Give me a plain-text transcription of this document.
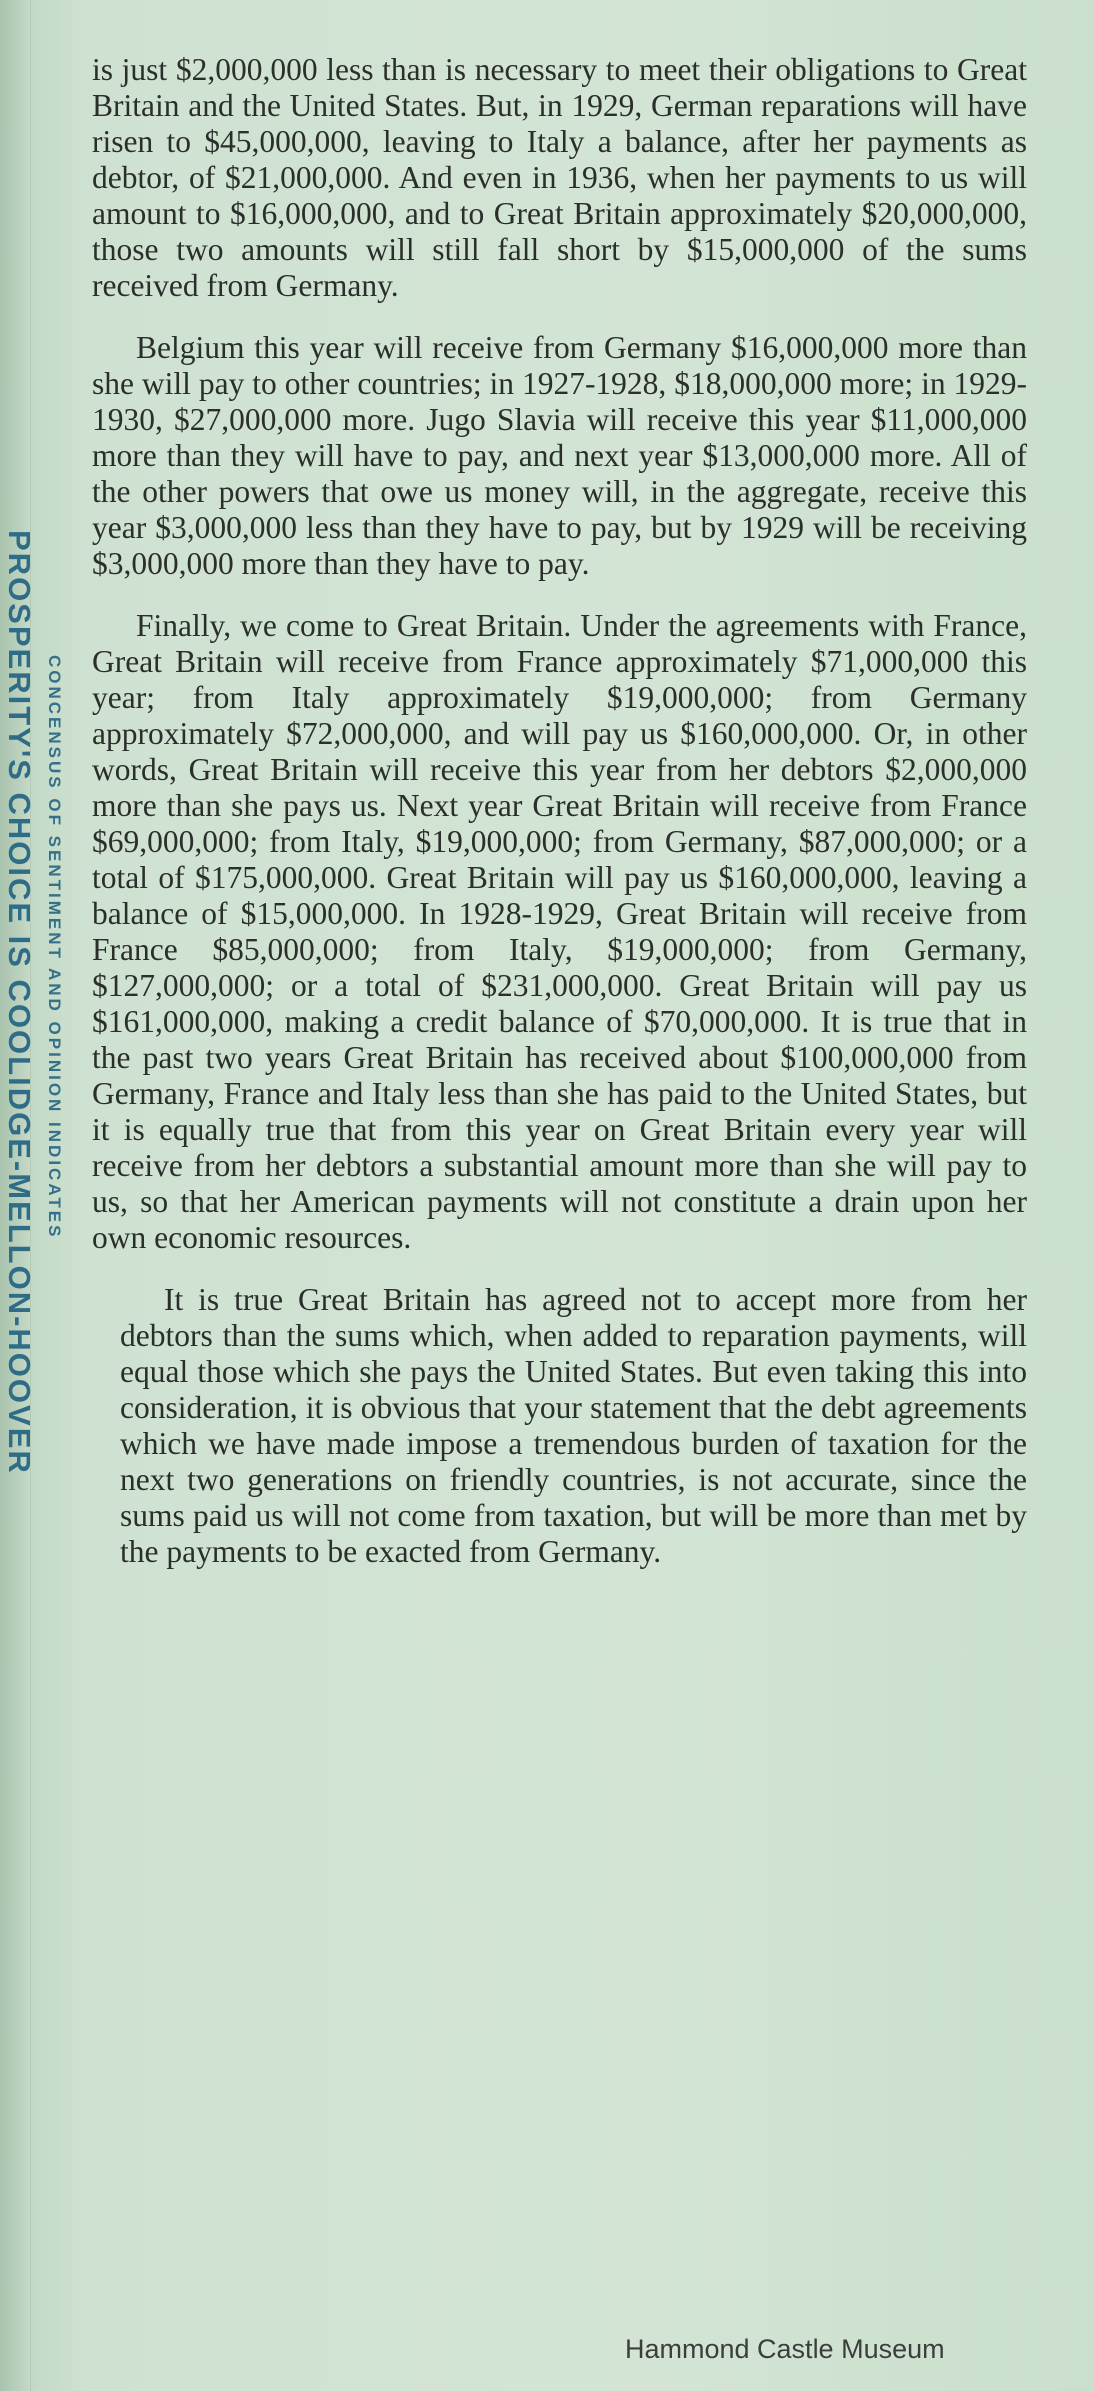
PROSPERITY'S CHOICE IS COOLIDGE-MELLON-HOOVER CONCENSUS OF SENTIMENT AND OPINION INDICATES

is just $2,000,000 less than is necessary to meet their obligations to Great Britain and the United States. But, in 1929, German reparations will have risen to $45,000,000, leaving to Italy a balance, after her payments as debtor, of $21,000,000. And even in 1936, when her payments to us will amount to $16,000,000, and to Great Britain approximately $20,000,000, those two amounts will still fall short by $15,000,000 of the sums received from Germany.

Belgium this year will receive from Germany $16,000,000 more than she will pay to other countries; in 1927-1928, $18,000,000 more; in 1929-1930, $27,000,000 more. Jugo Slavia will receive this year $11,000,000 more than they will have to pay, and next year $13,000,000 more. All of the other powers that owe us money will, in the aggregate, receive this year $3,000,000 less than they have to pay, but by 1929 will be receiving $3,000,000 more than they have to pay.

Finally, we come to Great Britain. Under the agreements with France, Great Britain will receive from France approximately $71,000,000 this year; from Italy approximately $19,000,000; from Germany approximately $72,000,000, and will pay us $160,000,000. Or, in other words, Great Britain will receive this year from her debtors $2,000,000 more than she pays us. Next year Great Britain will receive from France $69,000,000; from Italy, $19,000,000; from Germany, $87,000,000; or a total of $175,000,000. Great Britain will pay us $160,000,000, leaving a balance of $15,000,000. In 1928-1929, Great Britain will receive from France $85,000,000; from Italy, $19,000,000; from Germany, $127,000,000; or a total of $231,000,000. Great Britain will pay us $161,000,000, making a credit balance of $70,000,000. It is true that in the past two years Great Britain has received about $100,000,000 from Germany, France and Italy less than she has paid to the United States, but it is equally true that from this year on Great Britain every year will receive from her debtors a substantial amount more than she will pay to us, so that her American payments will not constitute a drain upon her own economic resources.

It is true Great Britain has agreed not to accept more from her debtors than the sums which, when added to reparation payments, will equal those which she pays the United States. But even taking this into consideration, it is obvious that your statement that the debt agreements which we have made impose a tremendous burden of taxation for the next two generations on friendly countries, is not accurate, since the sums paid us will not come from taxation, but will be more than met by the payments to be exacted from Germany.

Hammond Castle Museum
